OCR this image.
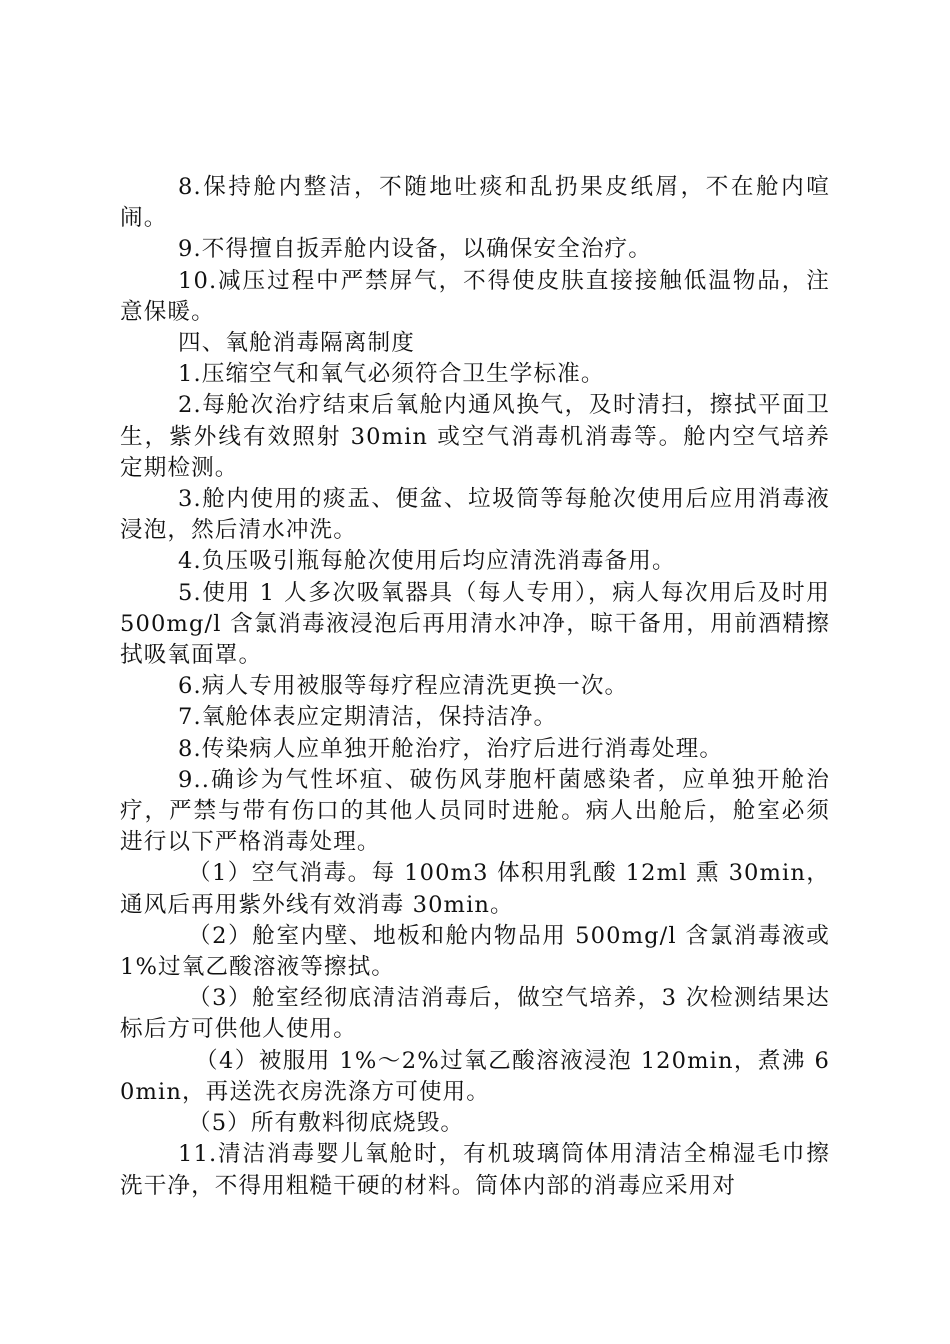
8.保持舱内整洁，不随地吐痰和乱扔果皮纸屑，不在舱内喧闹。

9.不得擅自扳弄舱内设备，以确保安全治疗。

10.减压过程中严禁屏气，不得使皮肤直接接触低温物品，注意保暖。

四、氧舱消毒隔离制度

1.压缩空气和氧气必须符合卫生学标准。

2.每舱次治疗结束后氧舱内通风换气，及时清扫，擦拭平面卫生，紫外线有效照射 30min 或空气消毒机消毒等。舱内空气培养定期检测。

3.舱内使用的痰盂、便盆、垃圾筒等每舱次使用后应用消毒液浸泡，然后清水冲洗。

4.负压吸引瓶每舱次使用后均应清洗消毒备用。

5.使用 1 人多次吸氧器具（每人专用），病人每次用后及时用 500mg/l 含氯消毒液浸泡后再用清水冲净，晾干备用，用前酒精擦拭吸氧面罩。

6.病人专用被服等每疗程应清洗更换一次。

7.氧舱体表应定期清洁，保持洁净。

8.传染病人应单独开舱治疗，治疗后进行消毒处理。

9..确诊为气性坏疽、破伤风芽胞杆菌感染者，应单独开舱治疗，严禁与带有伤口的其他人员同时进舱。病人出舱后，舱室必须进行以下严格消毒处理。

（1）空气消毒。每 100m3 体积用乳酸 12ml 熏 30min，通风后再用紫外线有效消毒 30min。

（2）舱室内壁、地板和舱内物品用 500mg/l 含氯消毒液或 1%过氧乙酸溶液等擦拭。

（3）舱室经彻底清洁消毒后，做空气培养，3 次检测结果达标后方可供他人使用。

（4）被服用 1%～2%过氧乙酸溶液浸泡 120min，煮沸 60min，再送洗衣房洗涤方可使用。

（5）所有敷料彻底烧毁。

11.清洁消毒婴儿氧舱时，有机玻璃筒体用清洁全棉湿毛巾擦洗干净，不得用粗糙干硬的材料。筒体内部的消毒应采用对
